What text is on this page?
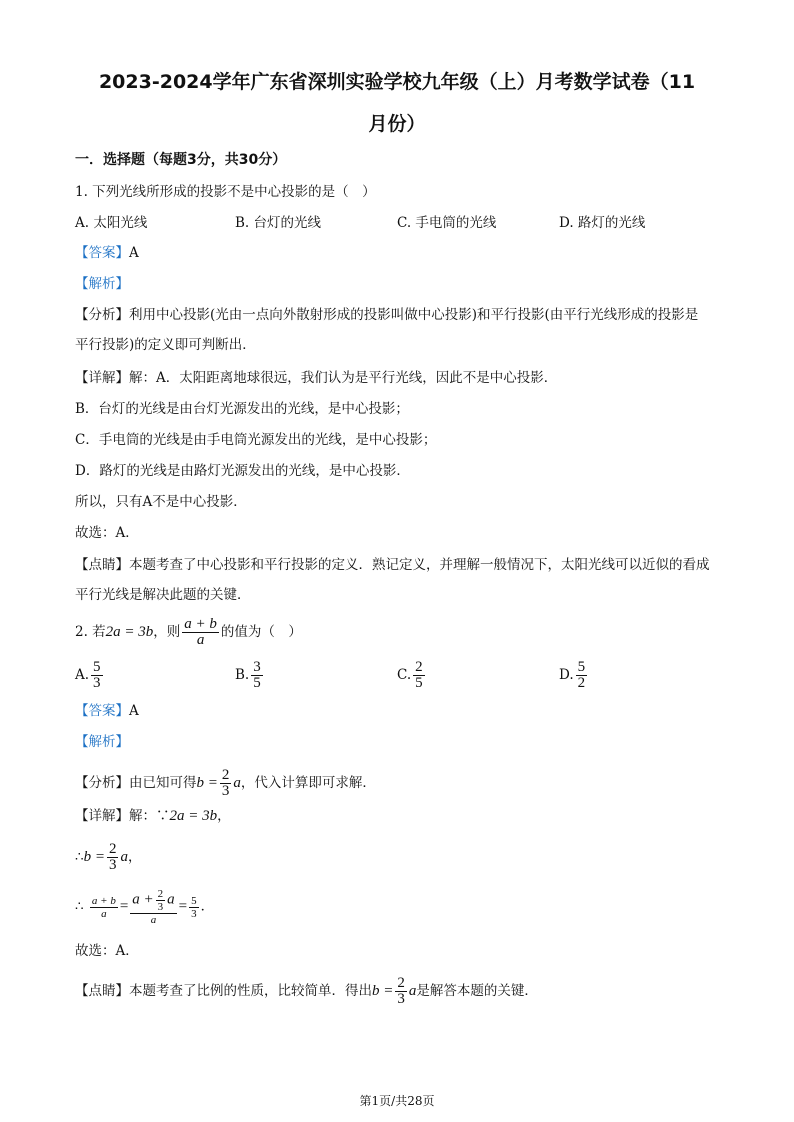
2023-2024学年广东省深圳实验学校九年级（上）月考数学试卷（11
月份）
一．选择题（每题3分，共30分）
1. 下列光线所形成的投影不是中心投影的是（　）
A. 太阳光线	B. 台灯的光线	C. 手电筒的光线	D. 路灯的光线
【答案】A
【解析】
【分析】利用中心投影(光由一点向外散射形成的投影叫做中心投影)和平行投影(由平行光线形成的投影是
平行投影)的定义即可判断出．
【详解】解：A．太阳距离地球很远，我们认为是平行光线，因此不是中心投影．
B．台灯的光线是由台灯光源发出的光线，是中心投影；
C．手电筒的光线是由手电筒光源发出的光线，是中心投影；
D．路灯的光线是由路灯光源发出的光线，是中心投影．
所以，只有A不是中心投影．
故选：A．
【点睛】本题考查了中心投影和平行投影的定义．熟记定义，并理解一般情况下，太阳光线可以近似的看成
平行光线是解决此题的关键．
2. 若2a = 3b，则 $\frac{a + b}{a}$ 的值为（　）
A. $\frac{5}{3}$	B. $\frac{3}{5}$	C. $\frac{2}{5}$	D. $\frac{5}{2}$
【答案】A
【解析】
【分析】由已知可得$b = \frac{2}{3}$ a，代入计算即可求解．
【详解】解：∵2a = 3b，
∴b = $\frac{2}{3}$ a，
∴ $\frac{a + b}{a} = \frac{a + \frac{2}{3} a}{a} = \frac{5}{3}$ ．
故选：A．
【点睛】本题考查了比例的性质，比较简单．得出$b = \frac{2}{3}$ a是解答本题的关键．
第1页/共28页
